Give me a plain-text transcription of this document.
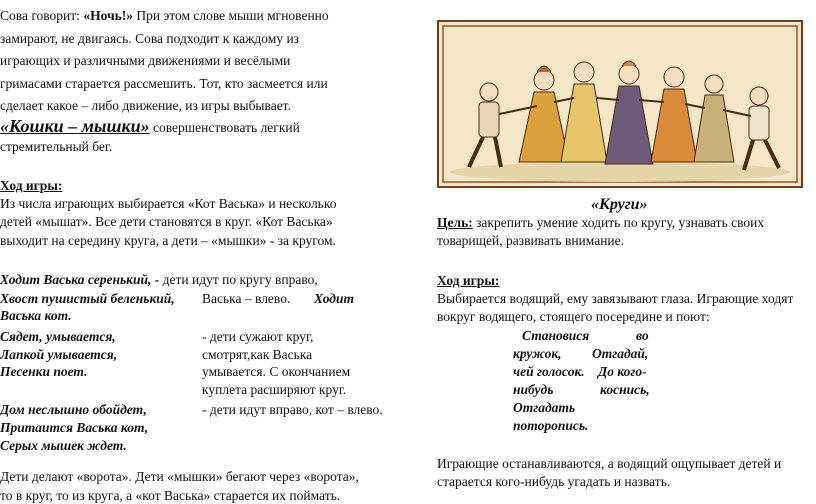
Сова говорит: «Ночь!» При этом слове мыши мгновенно
замирают, не двигаясь. Сова подходит к каждому из
играющих и различными движениями и весёлыми
гримасами старается рассмешить. Тот, кто засмеется или
сделает какое – либо движение, из игры выбывает.
«Кошки – мышки» совершенствовать легкий
стремительный бег.
Ход игры:
Из числа играющих выбирается «Кот Васька» и несколько
детей «мышат». Все дети становятся в круг. «Кот Васька»
выходит на середину круга, а дети – «мышки» - за кругом.
Ходит Васька серенький, - дети идут по кругу вправо,
Хвост пушистый беленький, Васька – влево. Ходит
Васька кот.
Сядет, умывается,
Лапкой умывается,
Песенки поет.
- дети сужают круг,
смотрят,как Васька
умывается. С окончанием
куплета расширяют круг.
Дом неслышно обойдет,
Притаится Васька кот,
Серых мышек ждет.
- дети идут вправо, кот – влево.
Дети делают «ворота». Дети «мышки» бегают через «ворота»,
то в круг, то из круга, а «кот Васька» старается их поймать.
«Круги»
Цель: закрепить умение ходить по кругу, узнавать своих
товарищей, развивать внимание.
Ход игры:
Выбирается водящий, ему завязывают глаза. Играющие ходят
вокруг водящего, стоящего посередине и поют:
Становися	во
кружок, Отгадай,
чей голосок. До кого-
нибудь	коснись,
Отгадать
поторопись.
Играющие останавливаются, а водящий ощупывает детей и
старается кого-нибудь угадать и назвать.
